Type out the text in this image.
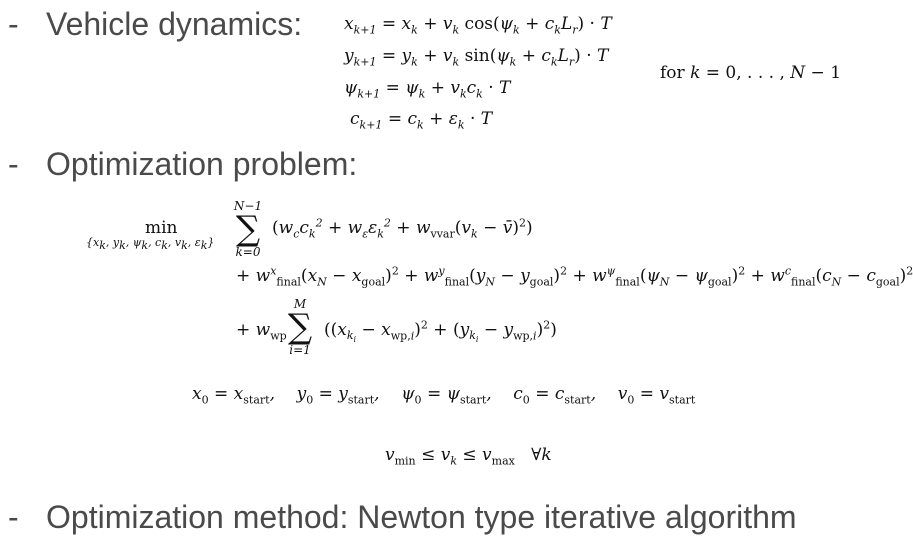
- Vehicle dynamics: $x_{k+1} = x_k + v_k$ $\cos(\psi_k + c_kL_r) \cdot T$
$y_{k+1} = y_k + v_k$ $\sin(\psi_k + c_kL_r) \cdot T$
$\psi_{k+1} = \psi_k + v_kc_k \cdot T$
$c_{k+1} = c_k + \varepsilon_k \cdot T$
for k = 0, . . . , N − 1
- Optimization problem:
min
{$x_k$, $y_k$, $\psi_k$, $c_k$, $v_k$, $\varepsilon_k$}
N−1
∑
k=0
($w_cc_k^2 + w_\varepsilon\varepsilon_k^2 + w_{vvar}(v_k$ − v̄)$^2$)
+ $w^x_{final}(x_N - x_{goal})^2 + w^y_{final}(y_N - y_{goal})^2 + w^\psi_{final}(\psi_N - \psi_{goal})^2 + w^c_{final}(c_N - c_{goal})^2$
+ $w_{wp}$
M
∑
i=1
$((x_{k_i} - x_{wp,i})^2 + (y_{k_i} - y_{wp,i})^2)$
$x_0 = x_{start}$,    $y_0 = y_{start}$,    $\psi_0 = \psi_{start}$,    $c_0 = c_{start}$,    $v_0 = v_{start}$
$v_{min} \le v_k \le v_{max}$ ∀k
- Optimization method: Newton type iterative algorithm
